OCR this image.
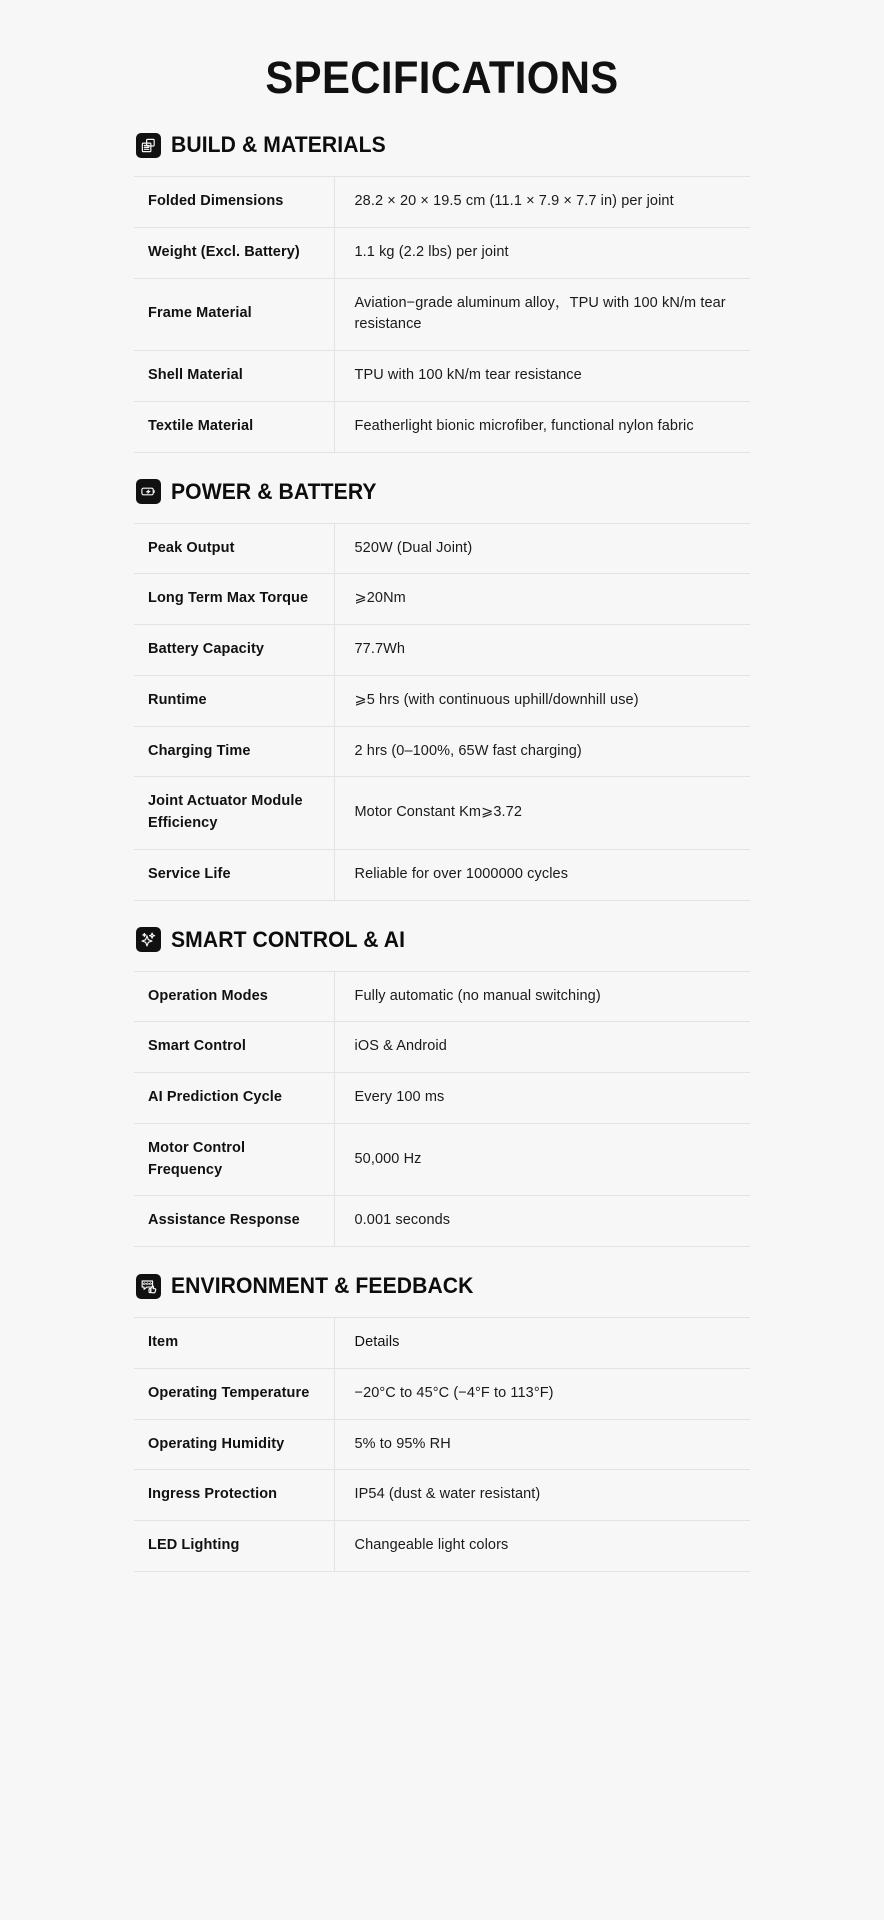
SPECIFICATIONS
BUILD & MATERIALS
Folded Dimensions	28.2 × 20 × 19.5 cm (11.1 × 7.9 × 7.7 in) per joint
Weight (Excl. Battery)	1.1 kg (2.2 lbs) per joint
Frame Material	Aviation−grade aluminum alloy，TPU with 100 kN/m tear resistance
Shell Material	TPU with 100 kN/m tear resistance
Textile Material	Featherlight bionic microfiber, functional nylon fabric
POWER & BATTERY
Peak Output	520W (Dual Joint)
Long Term Max Torque	⩾20Nm
Battery Capacity	77.7Wh
Runtime	⩾5 hrs (with continuous uphill/downhill use)
Charging Time	2 hrs (0–100%, 65W fast charging)
Joint Actuator Module Efficiency	Motor Constant Km⩾3.72
Service Life	Reliable for over 1000000 cycles
SMART CONTROL & AI
Operation Modes	Fully automatic (no manual switching)
Smart Control	iOS & Android
AI Prediction Cycle	Every 100 ms
Motor Control Frequency	50,000 Hz
Assistance Response	0.001 seconds
ENVIRONMENT & FEEDBACK
Item	Details
Operating Temperature	−20°C to 45°C (−4°F to 113°F)
Operating Humidity	5% to 95% RH
Ingress Protection	IP54 (dust & water resistant)
LED Lighting	Changeable light colors
